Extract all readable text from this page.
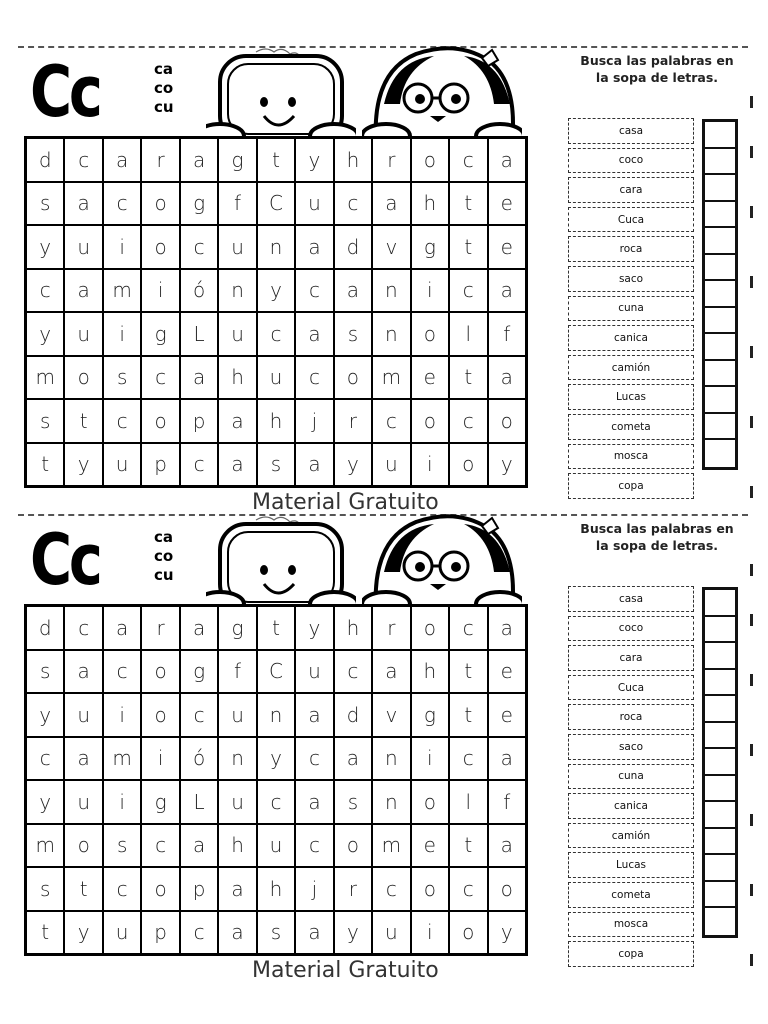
Cc	ca
co
cu
d	c	a	r	a	g	t	y	h	r	o	c	a
s	a	c	o	g	f	C	u	c	a	h	t	e
y	u	i	o	c	u	n	a	d	v	g	t	e
c	a	m	i	ó	n	y	c	a	n	i	c	a
y	u	i	g	L	u	c	a	s	n	o	l	f
m	o	s	c	a	h	u	c	o	m	e	t	a
s	t	c	o	p	a	h	j	r	c	o	c	o
t	y	u	p	c	a	s	a	y	u	i	o	y
Material Gratuito
Busca las palabras en
la sopa de letras.
casa
coco
cara
Cuca
roca
saco
cuna
canica
camión
Lucas
cometa
mosca
copa
Cc	ca
co
cu
d	c	a	r	a	g	t	y	h	r	o	c	a
s	a	c	o	g	f	C	u	c	a	h	t	e
y	u	i	o	c	u	n	a	d	v	g	t	e
c	a	m	i	ó	n	y	c	a	n	i	c	a
y	u	i	g	L	u	c	a	s	n	o	l	f
m	o	s	c	a	h	u	c	o	m	e	t	a
s	t	c	o	p	a	h	j	r	c	o	c	o
t	y	u	p	c	a	s	a	y	u	i	o	y
Material Gratuito
Busca las palabras en
la sopa de letras.
casa
coco
cara
Cuca
roca
saco
cuna
canica
camión
Lucas
cometa
mosca
copa
